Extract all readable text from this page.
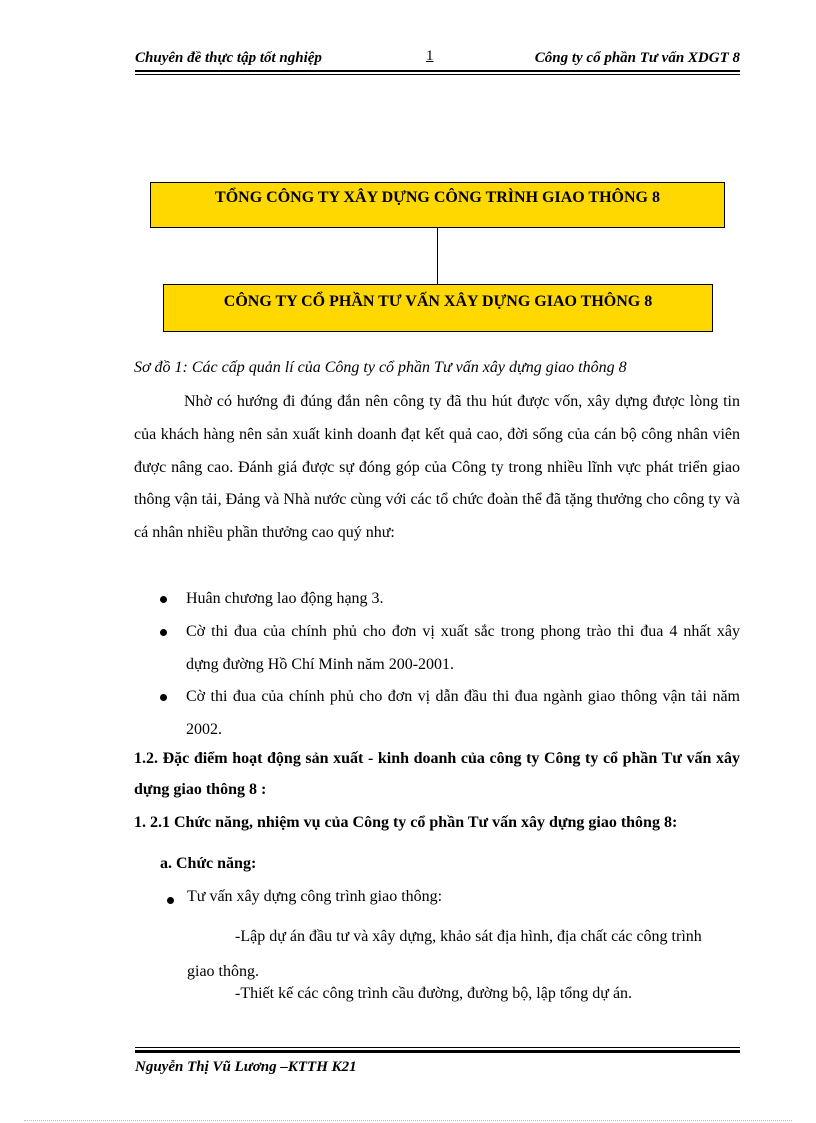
Chuyên đề thực tập tốt nghiệp	1	Công ty cổ phần Tư vấn XDGT 8
TỔNG CÔNG TY XÂY DỰNG CÔNG TRÌNH GIAO THÔNG 8
CÔNG TY CỔ PHẦN TƯ VẤN XÂY DỰNG GIAO THÔNG 8
Sơ đồ 1: Các cấp quản lí của Công ty cổ phần Tư vấn xây dựng giao thông 8
Nhờ có hướng đi đúng đắn nên công ty đã thu hút được vốn, xây dựng được lòng tin của khách hàng nên sản xuất kinh doanh đạt kết quả cao, đời sống của cán bộ công nhân viên được nâng cao. Đánh giá được sự đóng góp của Công ty trong nhiều lĩnh vực phát triển giao thông vận tải, Đảng và Nhà nước cùng với các tổ chức đoàn thể đã tặng thưởng cho công ty và cá nhân nhiều phần thưởng cao quý như:
Huân chương lao động hạng 3.
Cờ thi đua của chính phủ cho đơn vị xuất sắc trong phong trào thi đua 4 nhất xây dựng đường Hồ Chí Minh năm 200-2001.
Cờ thi đua của chính phủ cho đơn vị dẫn đầu thi đua ngành giao thông vận tải năm 2002.
1.2. Đặc điểm hoạt động sản xuất - kinh doanh của công ty Công ty cổ phần Tư vấn xây dựng giao thông 8 :
1. 2.1 Chức năng, nhiệm vụ của Công ty cổ phần Tư vấn xây dựng giao thông 8:
a. Chức năng:
Tư vấn xây dựng công trình giao thông:
-Lập dự án đầu tư và xây dựng, khảo sát địa hình, địa chất các công trình giao thông.
-Thiết kế các công trình cầu đường, đường bộ, lập tổng dự án.
Nguyễn Thị Vũ Lương –KTTH K21
